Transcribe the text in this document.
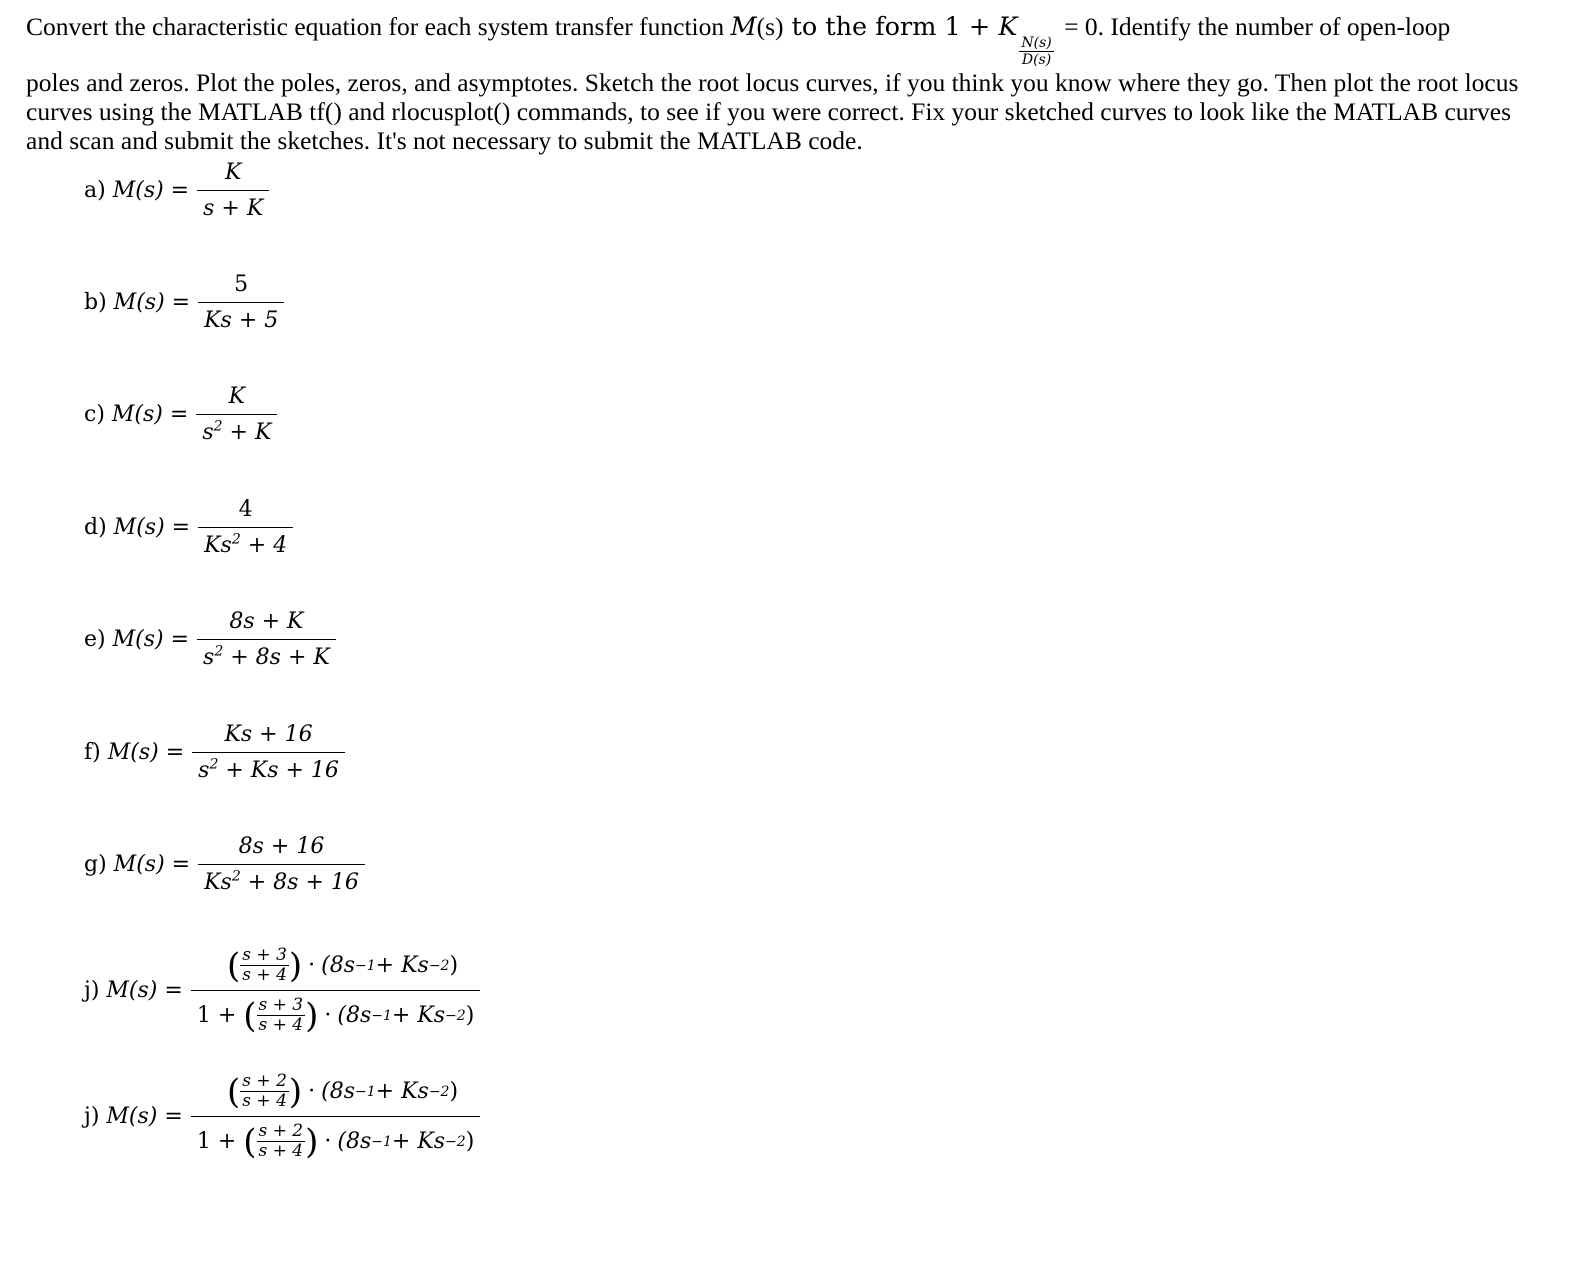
Convert the characteristic equation for each system transfer function M(s) to the form 1 + K
$\frac{N(s)}{D(s)}$
= 0. Identify the number of open-loop
poles and zeros. Plot the poles, zeros, and asymptotes. Sketch the root locus curves, if you think you know where they go. Then plot the root locus curves using the MATLAB tf() and rlocusplot() commands, to see if you were correct. Fix your sketched curves to look like the MATLAB curves and scan and submit the sketches. It's not necessary to submit the MATLAB code.

a) $M(s) = \frac{K}{s + K}$
b) $M(s) = \frac{5}{Ks + 5}$
c) $M(s) = \frac{K}{s^2 + K}$
d) $M(s) = \frac{4}{Ks^2 + 4}$
e) $M(s) = \frac{8s + K}{s^2 + 8s + K}$
f) $M(s) = \frac{Ks + 16}{s^2 + Ks + 16}$
g) $M(s) = \frac{8s + 16}{Ks^2 + 8s + 16}$
j) $M(s) = \frac{( \frac{s + 3}{s + 4} ) \cdot (8s -1 + Ks -2 )}{1 + ( \frac{s + 3}{s + 4} ) \cdot (8s -1 + Ks -2 )}$
j) $M(s) = \frac{( \frac{s + 2}{s + 4} ) \cdot (8s -1 + Ks -2 )}{1 + ( \frac{s + 2}{s + 4} ) \cdot (8s -1 + Ks -2 )}$
